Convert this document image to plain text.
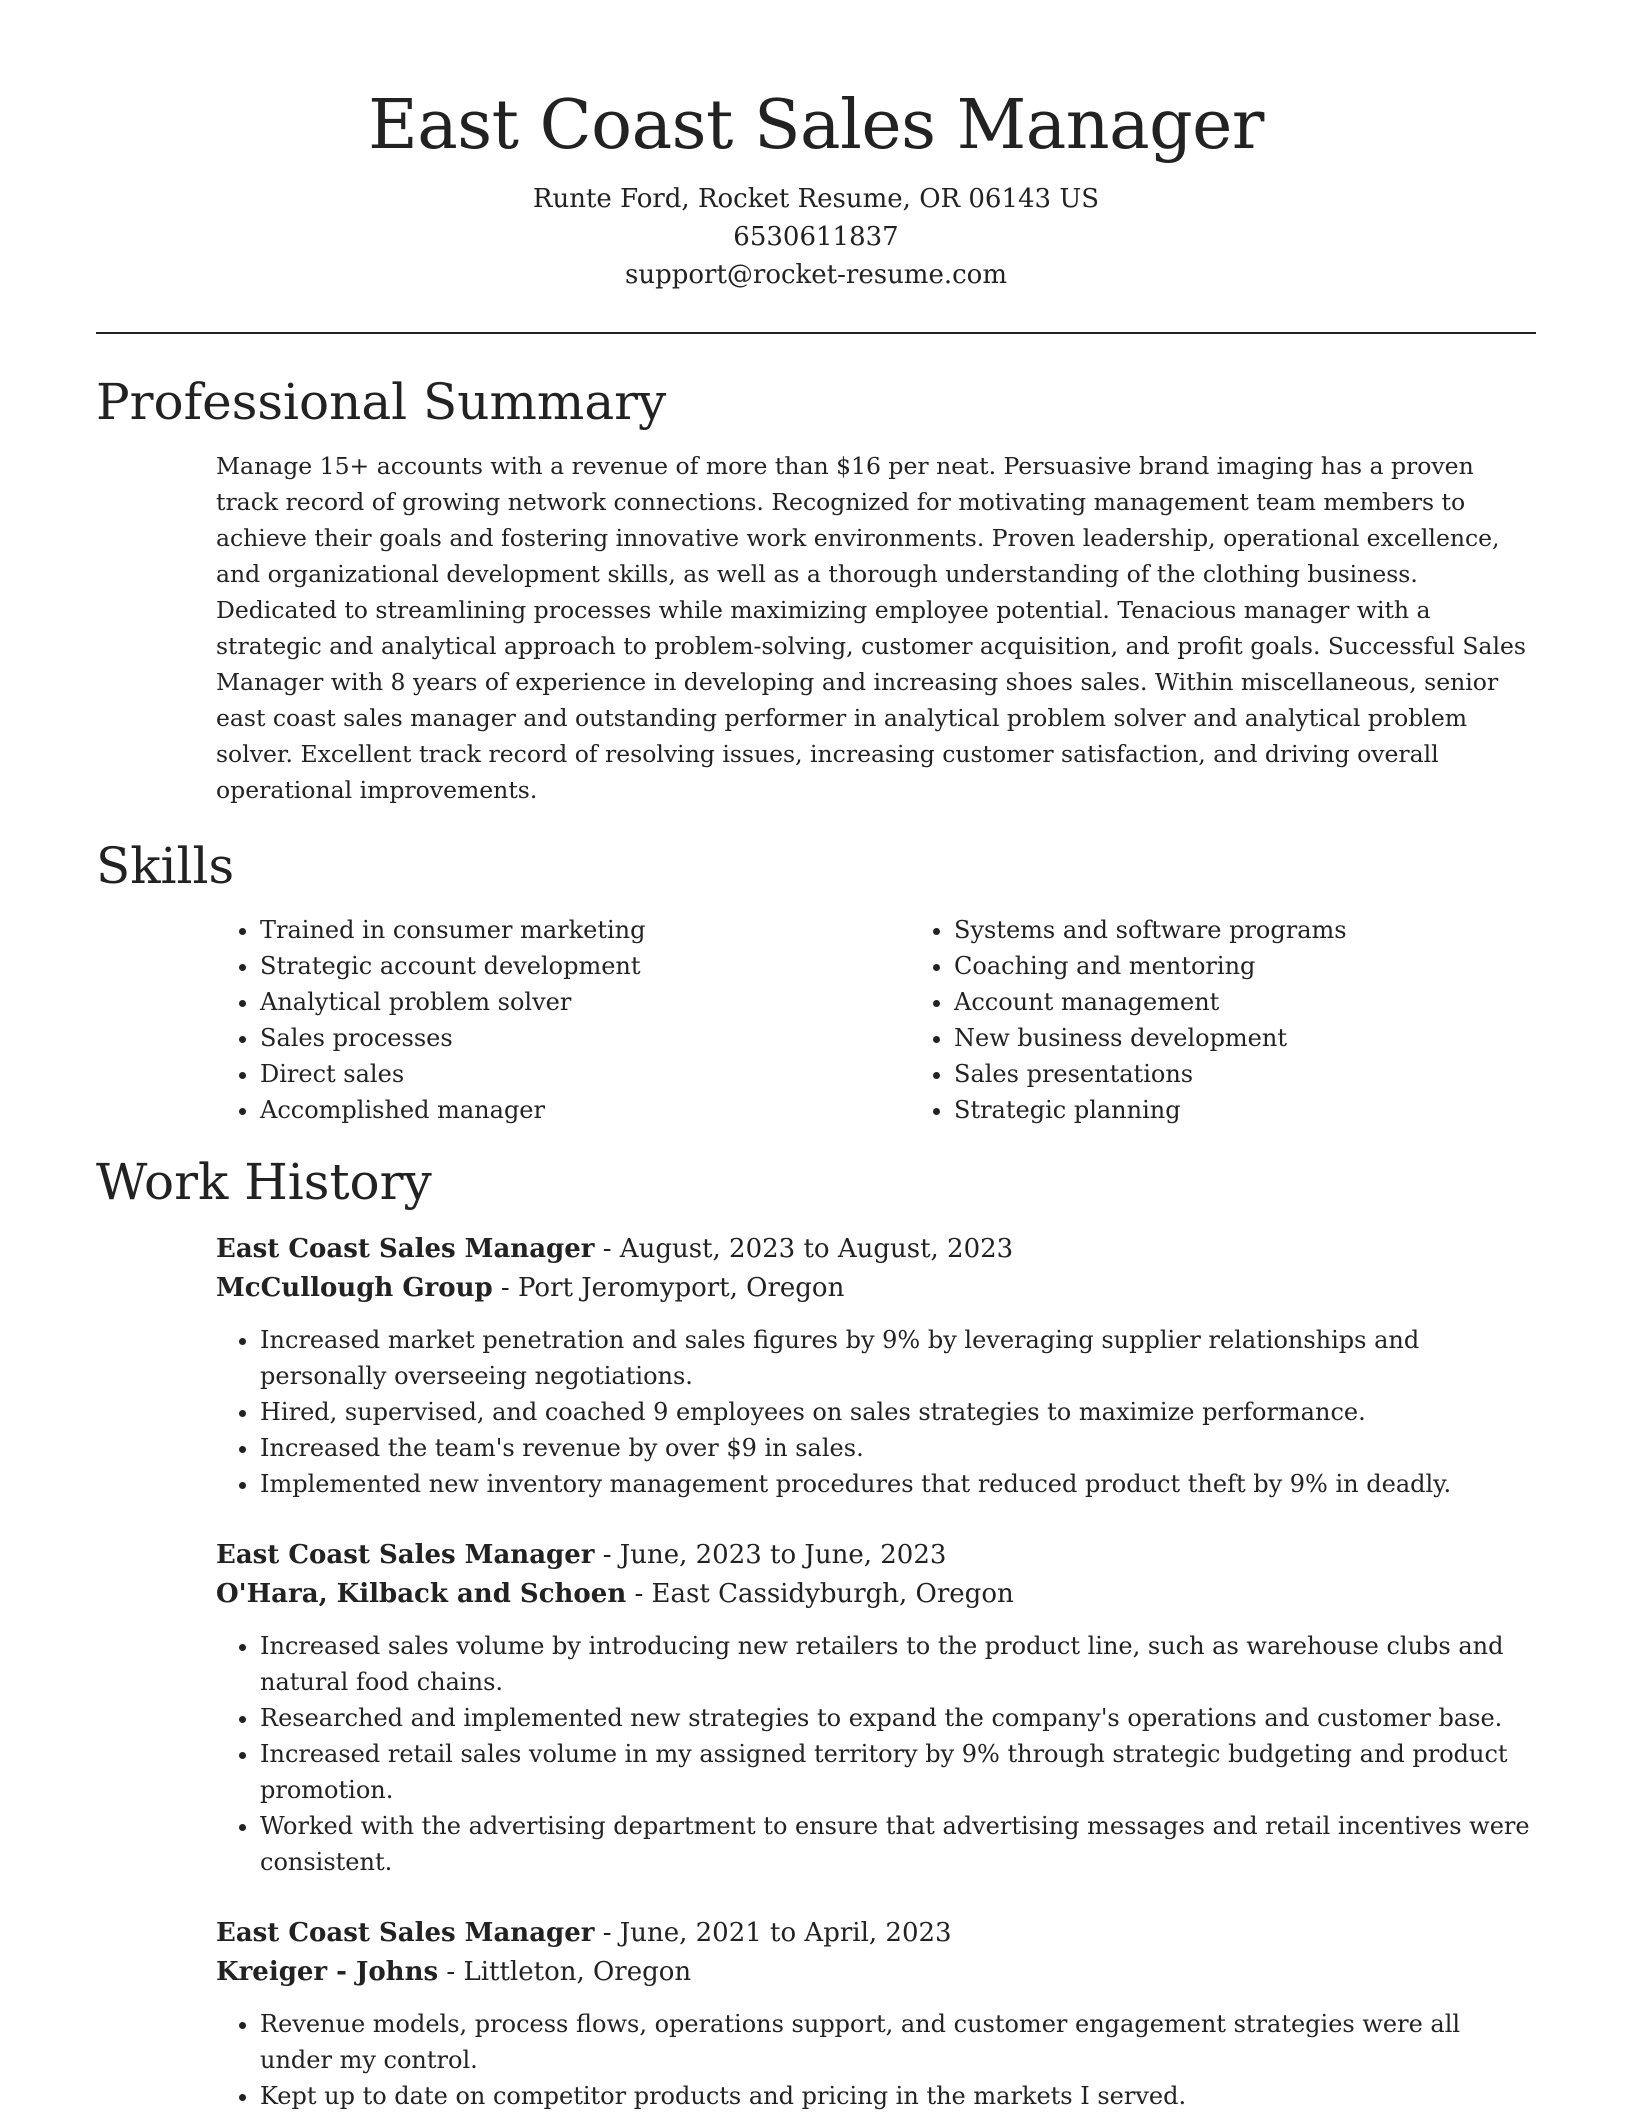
East Coast Sales Manager
Runte Ford, Rocket Resume, OR 06143 US
6530611837
support@rocket-resume.com
Professional Summary

Manage 15+ accounts with a revenue of more than $16 per neat. Persuasive brand imaging has a proven track record of growing network connections. Recognized for motivating management team members to achieve their goals and fostering innovative work environments. Proven leadership, operational excellence, and organizational development skills, as well as a thorough understanding of the clothing business. Dedicated to streamlining processes while maximizing employee potential. Tenacious manager with a strategic and analytical approach to problem-solving, customer acquisition, and profit goals. Successful Sales Manager with 8 years of experience in developing and increasing shoes sales. Within miscellaneous, senior east coast sales manager and outstanding performer in analytical problem solver and analytical problem solver. Excellent track record of resolving issues, increasing customer satisfaction, and driving overall operational improvements.

Skills
• Trained in consumer marketing
• Strategic account development
• Analytical problem solver
• Sales processes
• Direct sales
• Accomplished manager
• Systems and software programs
• Coaching and mentoring
• Account management
• New business development
• Sales presentations
• Strategic planning
Work History
East Coast Sales Manager - August, 2023 to August, 2023
McCullough Group - Port Jeromyport, Oregon
• Increased market penetration and sales figures by 9% by leveraging supplier relationships and personally overseeing negotiations.
• Hired, supervised, and coached 9 employees on sales strategies to maximize performance.
• Increased the team's revenue by over $9 in sales.
• Implemented new inventory management procedures that reduced product theft by 9% in deadly.
East Coast Sales Manager - June, 2023 to June, 2023
O'Hara, Kilback and Schoen - East Cassidyburgh, Oregon
• Increased sales volume by introducing new retailers to the product line, such as warehouse clubs and natural food chains.
• Researched and implemented new strategies to expand the company's operations and customer base.
• Increased retail sales volume in my assigned territory by 9% through strategic budgeting and product promotion.
• Worked with the advertising department to ensure that advertising messages and retail incentives were consistent.
East Coast Sales Manager - June, 2021 to April, 2023
Kreiger - Johns - Littleton, Oregon
• Revenue models, process flows, operations support, and customer engagement strategies were all under my control.
• Kept up to date on competitor products and pricing in the markets I served.
